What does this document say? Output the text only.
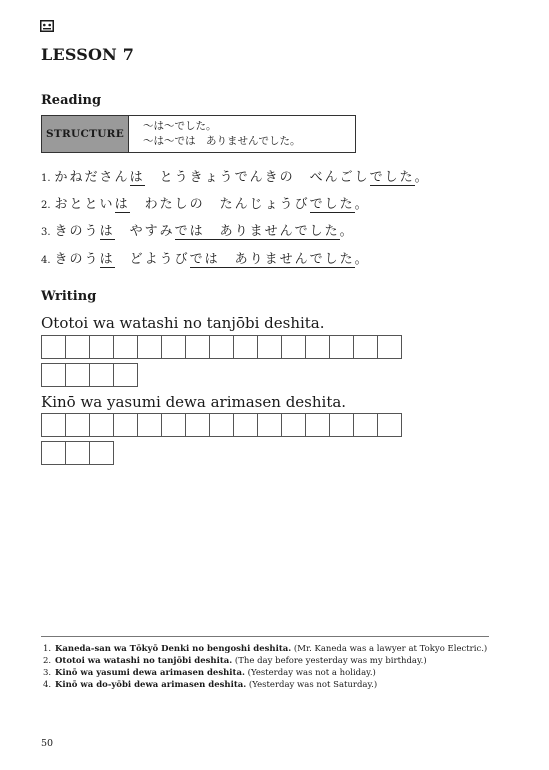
LESSON 7
Reading
STRUCTURE
〜は〜でした。
〜は〜では　ありませんでした。
1. かねださんは　とうきょうでんきの　べんごしでした。
2. おとといは　わたしの　たんじょうびでした。
3. きのうは　やすみでは　ありませんでした。
4. きのうは　どようびでは　ありませんでした。
Writing
Ototoi wa watashi no tanjōbi deshita.
Kinō wa yasumi dewa arimasen deshita.
1. Kaneda-san wa Tōkyō Denki no bengoshi deshita. (Mr. Kaneda was a lawyer at Tokyo Electric.)
2. Ototoi wa watashi no tanjōbi deshita. (The day before yesterday was my birthday.)
3. Kinō wa yasumi dewa arimasen deshita. (Yesterday was not a holiday.)
4. Kinō wa do-yōbi dewa arimasen deshita. (Yesterday was not Saturday.)
50
